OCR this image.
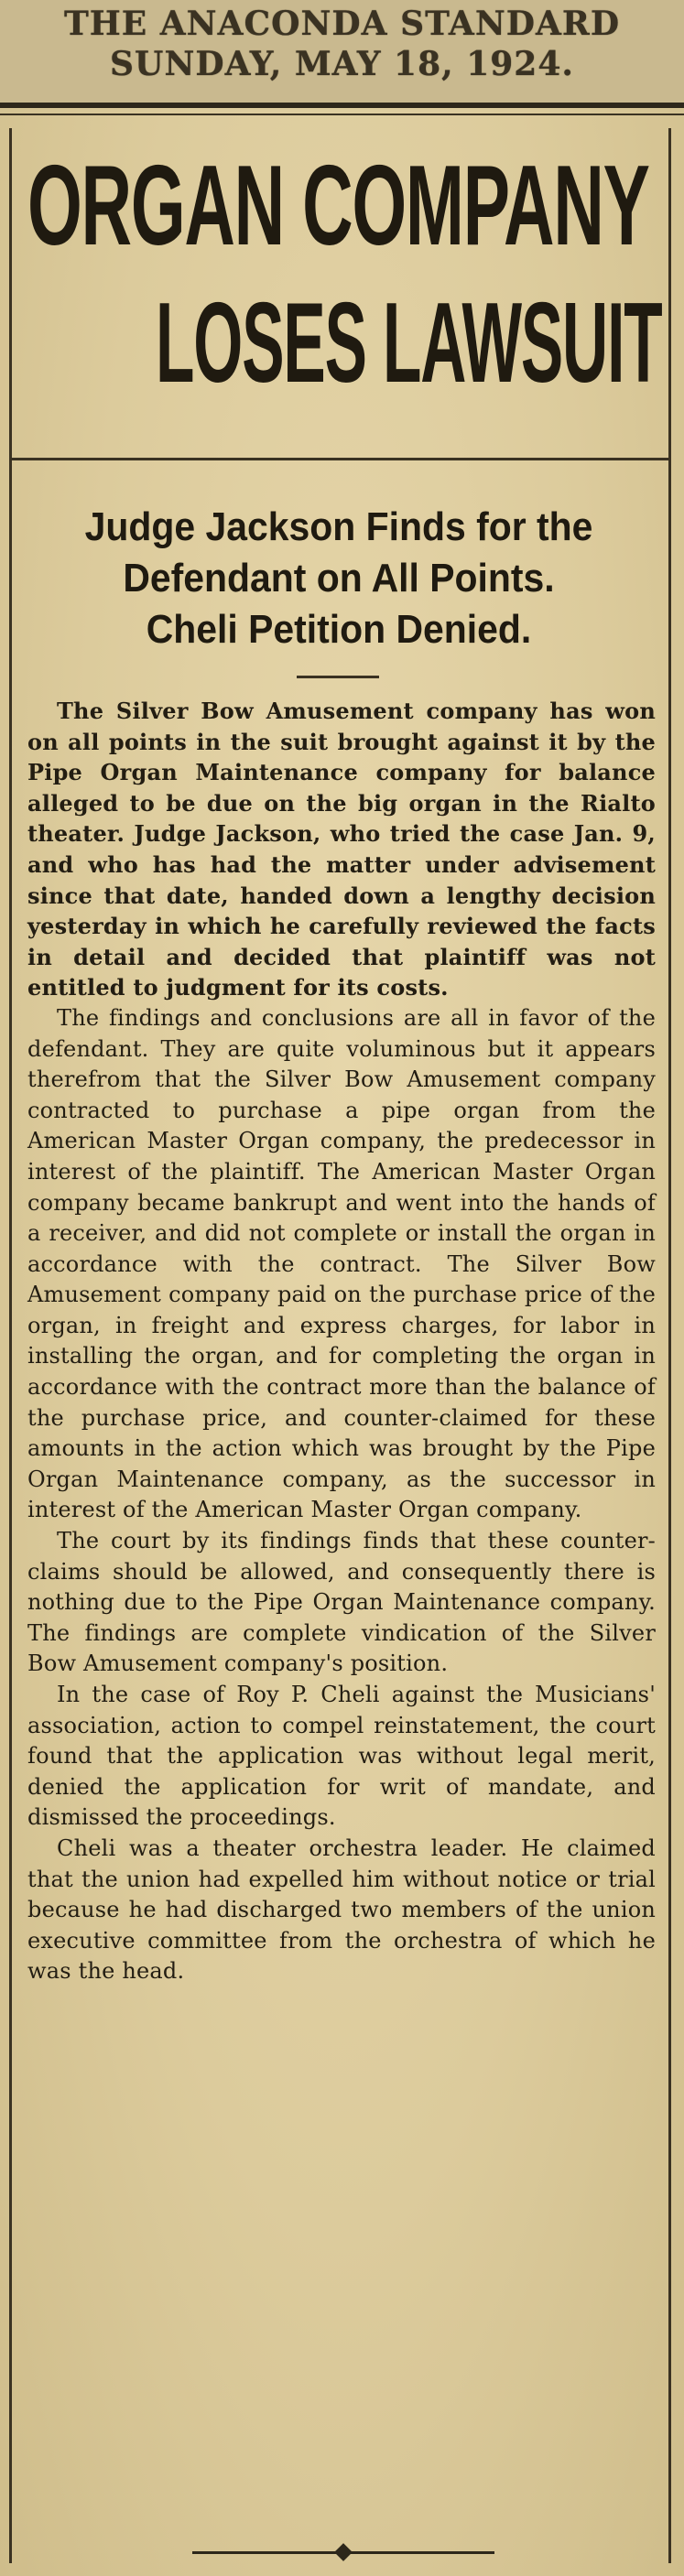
THE ANACONDA STANDARD
SUNDAY, MAY 18, 1924.
ORGAN COMPANY
LOSES LAWSUIT
Judge Jackson Finds for the
Defendant on All Points.
Cheli Petition Denied.

The Silver Bow Amusement company has won on all points in the suit brought against it by the Pipe Organ Maintenance company for balance alleged to be due on the big organ in the Rialto theater. Judge Jackson, who tried the case Jan. 9, and who has had the matter under advisement since that date, handed down a lengthy decision yesterday in which he carefully reviewed the facts in detail and decided that plaintiff was not entitled to judgment for its costs.

The findings and conclusions are all in favor of the defendant. They are quite voluminous but it appears therefrom that the Silver Bow Amusement company contracted to purchase a pipe organ from the American Master Organ company, the predecessor in interest of the plaintiff. The American Master Organ company became bankrupt and went into the hands of a receiver, and did not complete or install the organ in accordance with the contract. The Silver Bow Amusement company paid on the purchase price of the organ, in freight and express charges, for labor in installing the organ, and for completing the organ in accordance with the contract more than the balance of the purchase price, and counter-claimed for these amounts in the action which was brought by the Pipe Organ Maintenance company, as the successor in interest of the American Master Organ company.

The court by its findings finds that these counter-claims should be allowed, and consequently there is nothing due to the Pipe Organ Maintenance company. The findings are complete vindication of the Silver Bow Amusement company's position.

In the case of Roy P. Cheli against the Musicians' association, action to compel reinstatement, the court found that the application was without legal merit, denied the application for writ of mandate, and dismissed the proceedings.

Cheli was a theater orchestra leader. He claimed that the union had expelled him without notice or trial because he had discharged two members of the union executive committee from the orchestra of which he was the head.
